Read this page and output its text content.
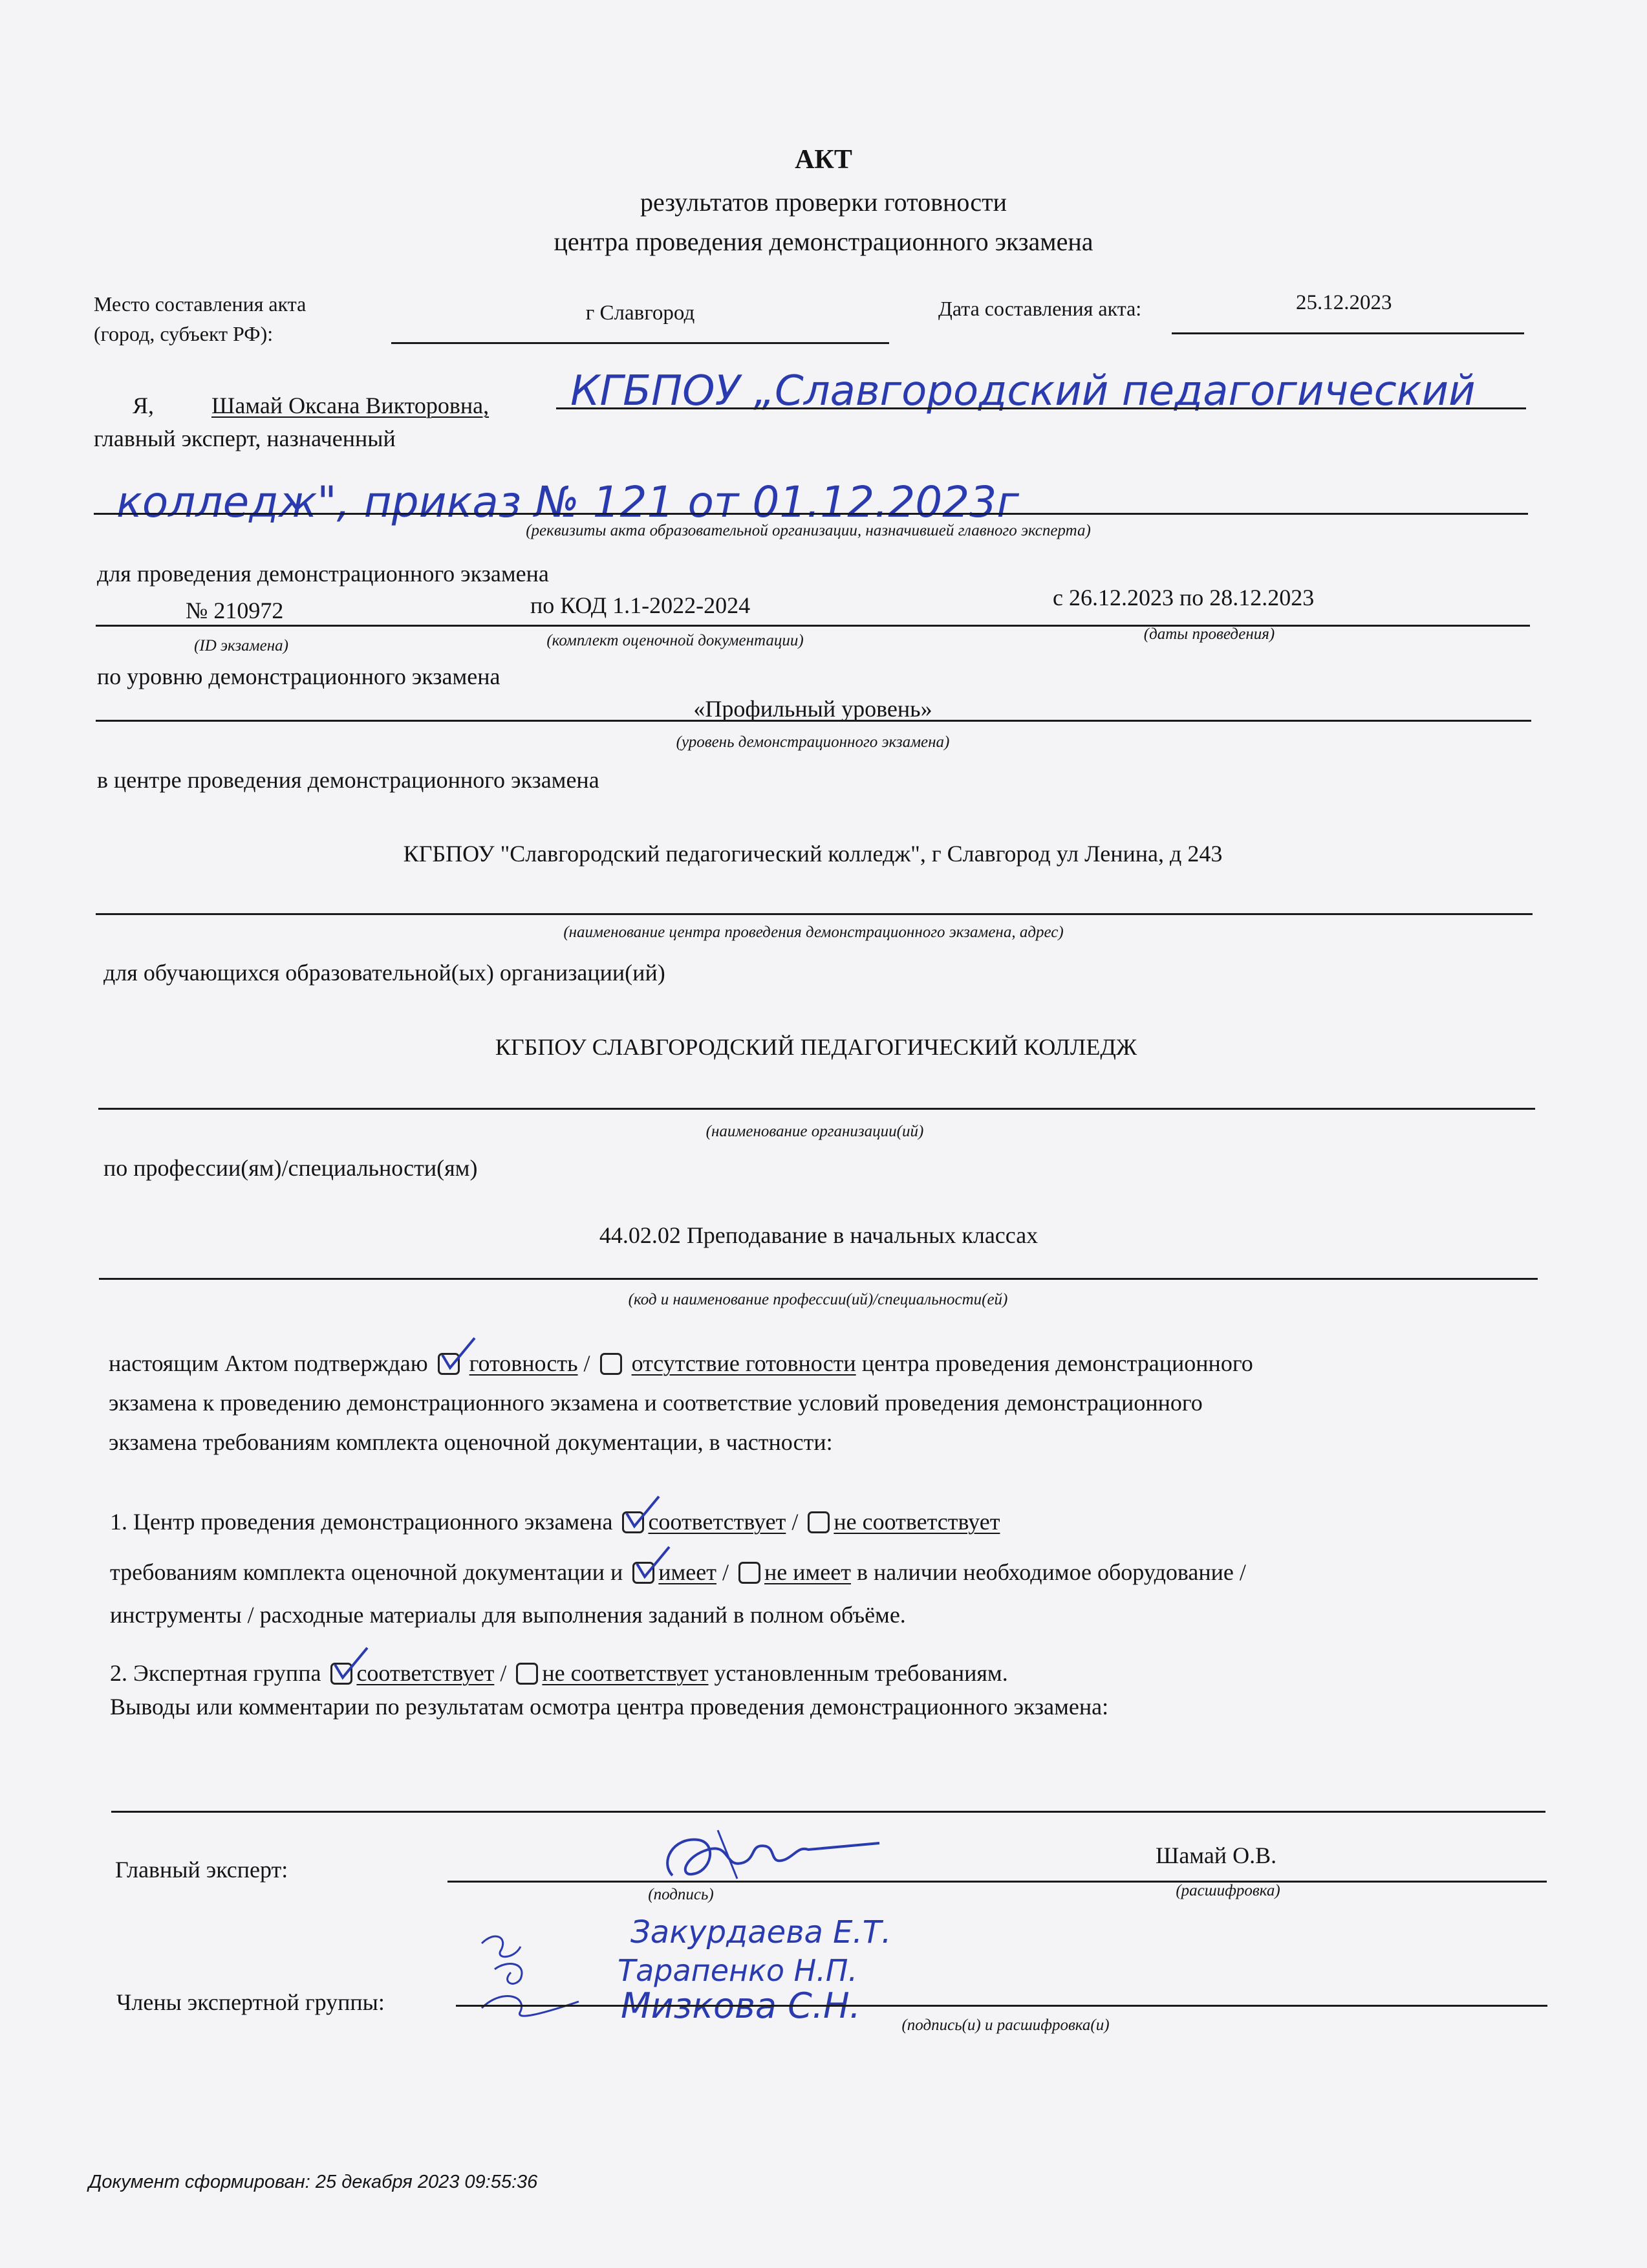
АКТ
результатов проверки готовности
центра проведения демонстрационного экзамена
Место составления акта
(город, субъект РФ):
г Славгород	Дата составления акта:	25.12.2023
Я, Шамай Оксана Викторовна, КГБПОУ „Славгородский педагогический
главный эксперт, назначенный
колледж", приказ № 121 от 01.12.2023г
(реквизиты акта образовательной организации, назначившей главного эксперта)
для проведения демонстрационного экзамена
№ 210972	по КОД 1.1-2022-2024	с 26.12.2023 по 28.12.2023
(ID экзамена)	(комплект оценочной документации)	(даты проведения)
по уровню демонстрационного экзамена
«Профильный уровень»
(уровень демонстрационного экзамена)
в центре проведения демонстрационного экзамена
КГБПОУ "Славгородский педагогический колледж", г Славгород ул Ленина, д 243
(наименование центра проведения демонстрационного экзамена, адрес)
для обучающихся образовательной(ых) организации(ий)
КГБПОУ СЛАВГОРОДСКИЙ ПЕДАГОГИЧЕСКИЙ КОЛЛЕДЖ
(наименование организации(ий)
по профессии(ям)/специальности(ям)
44.02.02 Преподавание в начальных классах
(код и наименование профессии(ий)/специальности(ей)
настоящим Актом подтверждаю готовность /  отсутствие готовности центра проведения демонстрационного
экзамена к проведению демонстрационного экзамена и соответствие условий проведения демонстрационного
экзамена требованиям комплекта оценочной документации, в частности:
1. Центр проведения демонстрационного экзамена соответствует / не соответствует
требованиям комплекта оценочной документации и имеет / не имеет в наличии необходимое оборудование /
инструменты / расходные материалы для выполнения заданий в полном объёме.
2. Экспертная группа соответствует / не соответствует установленным требованиям.
Выводы или комментарии по результатам осмотра центра проведения демонстрационного экзамена:
Главный эксперт:
Шамай О.В.
(подпись)	(расшифровка)
Закурдаева Е.Т.
Тарапенко Н.П.
Мизкова С.Н.
Члены экспертной группы:
(подпись(и) и расшифровка(и)
Документ сформирован: 25 декабря 2023 09:55:36
